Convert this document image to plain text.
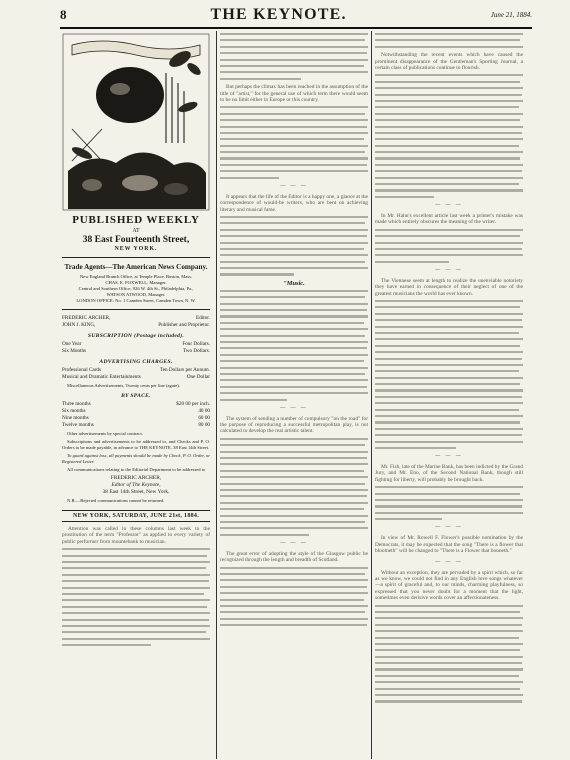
8	THE KEYNOTE.	June 21, 1884.
PUBLISHED WEEKLY
AT
38 East Fourteenth Street,
NEW YORK.
Trade Agents—The American News Company.
New England Branch Office, at Temple Place, Boston, Mass.
CHAS. E. FOXWELL, Manager.
Central and Southern Office, 926 W. 4th St., Philadelphia, Pa.,
WATSON ATWOOD, Manager.
LONDON OFFICE: No. 1 Camden Street, Camden Town, N. W.
FREDERIC ARCHER,	Editor.
JOHN J. KING,	Publisher and Proprietor.
SUBSCRIPTION (Postage included).
One Year	Four Dollars.
Six Months	Two Dollars.
ADVERTISING CHARGES.
Professional Cards	Ten Dollars per Annum.
Musical and Dramatic Entertainments	One Dollar
Miscellaneous Advertisements, Twenty cents per line (agate).
BY SPACE.
Three months	$20 00 per inch.
Six months	40 00
Nine months	60 00
Twelve months	80 00
Other advertisements by special contract.
Subscriptions and advertisements to be addressed to, and Checks and P. O. Orders to be made payable, in advance to THE KEYNOTE, 38 East 14th Street.
To guard against loss, all payments should be made by Check, P. O. Order, or Registered Letter.
All communications relating to the Editorial Department to be addressed to
FREDERIC ARCHER,
Editor of The Keynote,
38 East 14th Street, New York.
N.B.—Rejected communications cannot be returned.
NEW YORK, SATURDAY, JUNE 21st, 1884.

Attention was called in these columns last week to the prostitution of the term "Professor" as applied to every variety of public performer from mountebank to musician.

But perhaps the climax has been reached in the assumption of the title of "artist," for the general use of which term there would seem to be no limit either in Europe or this country.

— — —

It appears that the life of the Editor is a happy one, a glance at the correspondence of would-be writers, who are bent on achieving literary and musical fame.

"Music.
— — —

The system of sending a number of compulsory "on the road" for the purpose of reproducing a successful metropolitan play, is not calculated to develop the real artistic talent.

— — —

The great error of adopting the style of the Glasgow public be recognized through the length and breadth of Scotland.

Notwithstanding the recent events which have caused the prominent disappearance of the Gentleman's Sporting Journal, a certain class of publications continue to flourish.

— — —

In Mr. Hahn's excellent article last week a printer's mistake was made which entirely obscures the meaning of the writer.

— — —

The Viennese seem at length to realize the unenviable notoriety they have earned in consequence of their neglect of one of the greatest musicians the world has ever known.

— — —

Mr. Fish, late of the Marine Bank, has been indicted by the Grand Jury, and Mr. Eno, of the Second National Bank, though still fighting for liberty, will probably be brought back.

— — —

In view of Mr. Rowell F. Flower's possible nomination by the Democrats, it may be expected that the song "There is a flower that bloometh" will be changed to "There is a Flower that booneth."

— — —

Without an exception, they are pervaded by a spirit which, so far as we know, we could not find in any English love songs whatever—a spirit of graceful and, to our minds, charming playfulness, so expressed that you never doubt for a moment that the light, sometimes even derisive words cover an affectionateness.
